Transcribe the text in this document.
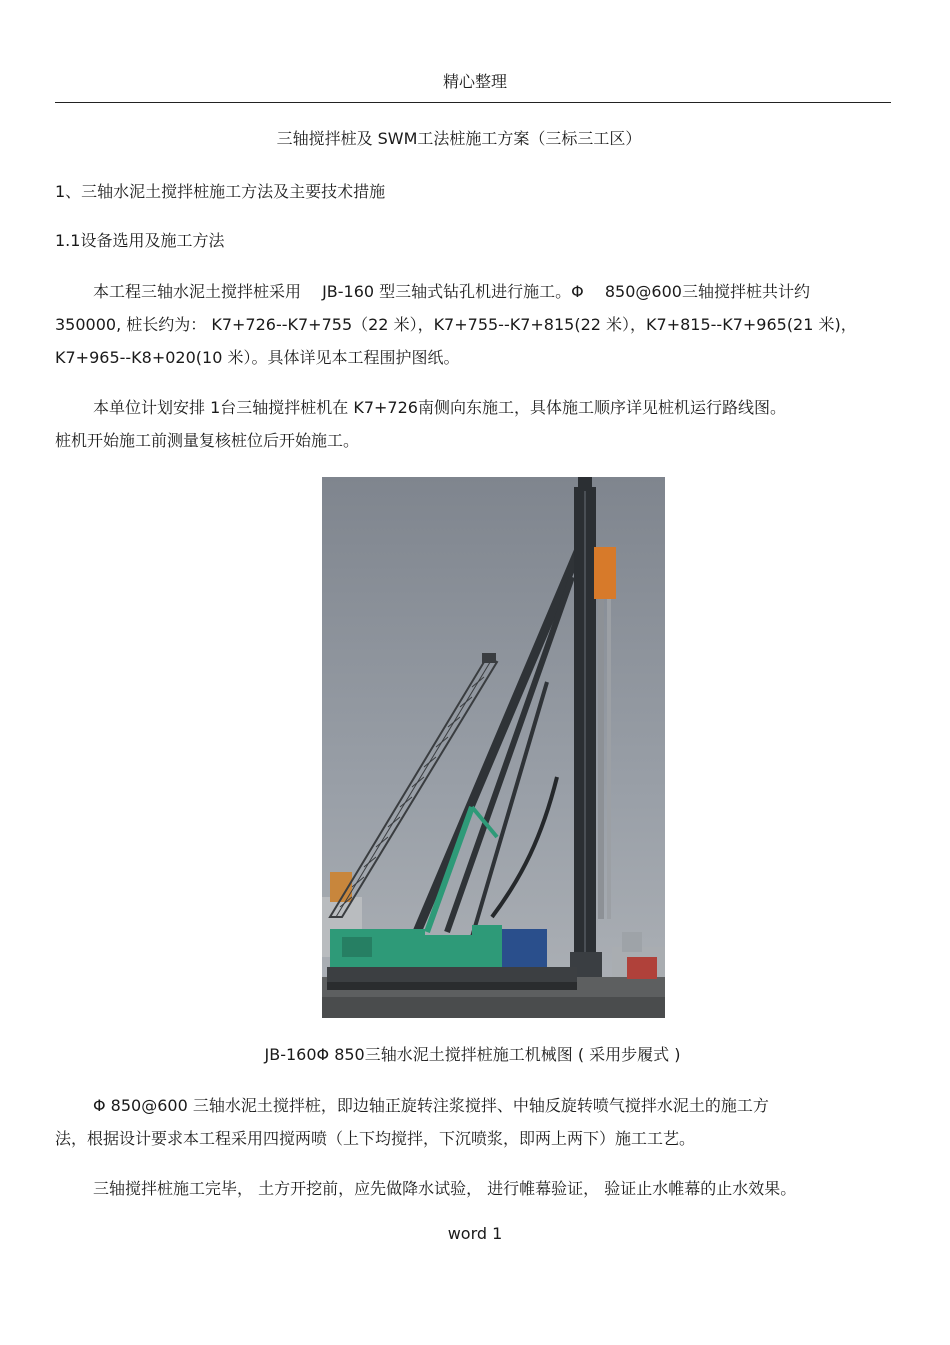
精心整理
三轴搅拌桩及 SWM工法桩施工方案（三标三工区）
1、三轴水泥土搅拌桩施工方法及主要技术措施
1.1设备选用及施工方法
本工程三轴水泥土搅拌桩采用 　JB-160 型三轴式钻孔机进行施工。Φ 　850@600三轴搅拌桩共计约
350000, 桩长约为： K7+726--K7+755（22 米），K7+755--K7+815(22 米），K7+815--K7+965(21 米)，
K7+965--K8+020(10 米）。具体详见本工程围护图纸。
本单位计划安排 1台三轴搅拌桩机在 K7+726南侧向东施工，具体施工顺序详见桩机运行路线图。
桩机开始施工前测量复核桩位后开始施工。
JB-160Φ 850三轴水泥土搅拌桩施工机械图 ( 采用步履式 )
Φ 850@600 三轴水泥土搅拌桩，即边轴正旋转注浆搅拌、中轴反旋转喷气搅拌水泥土的施工方
法，根据设计要求本工程采用四搅两喷（上下均搅拌，下沉喷浆，即两上两下）施工工艺。
三轴搅拌桩施工完毕， 土方开挖前，应先做降水试验， 进行帷幕验证， 验证止水帷幕的止水效果。
word 1
